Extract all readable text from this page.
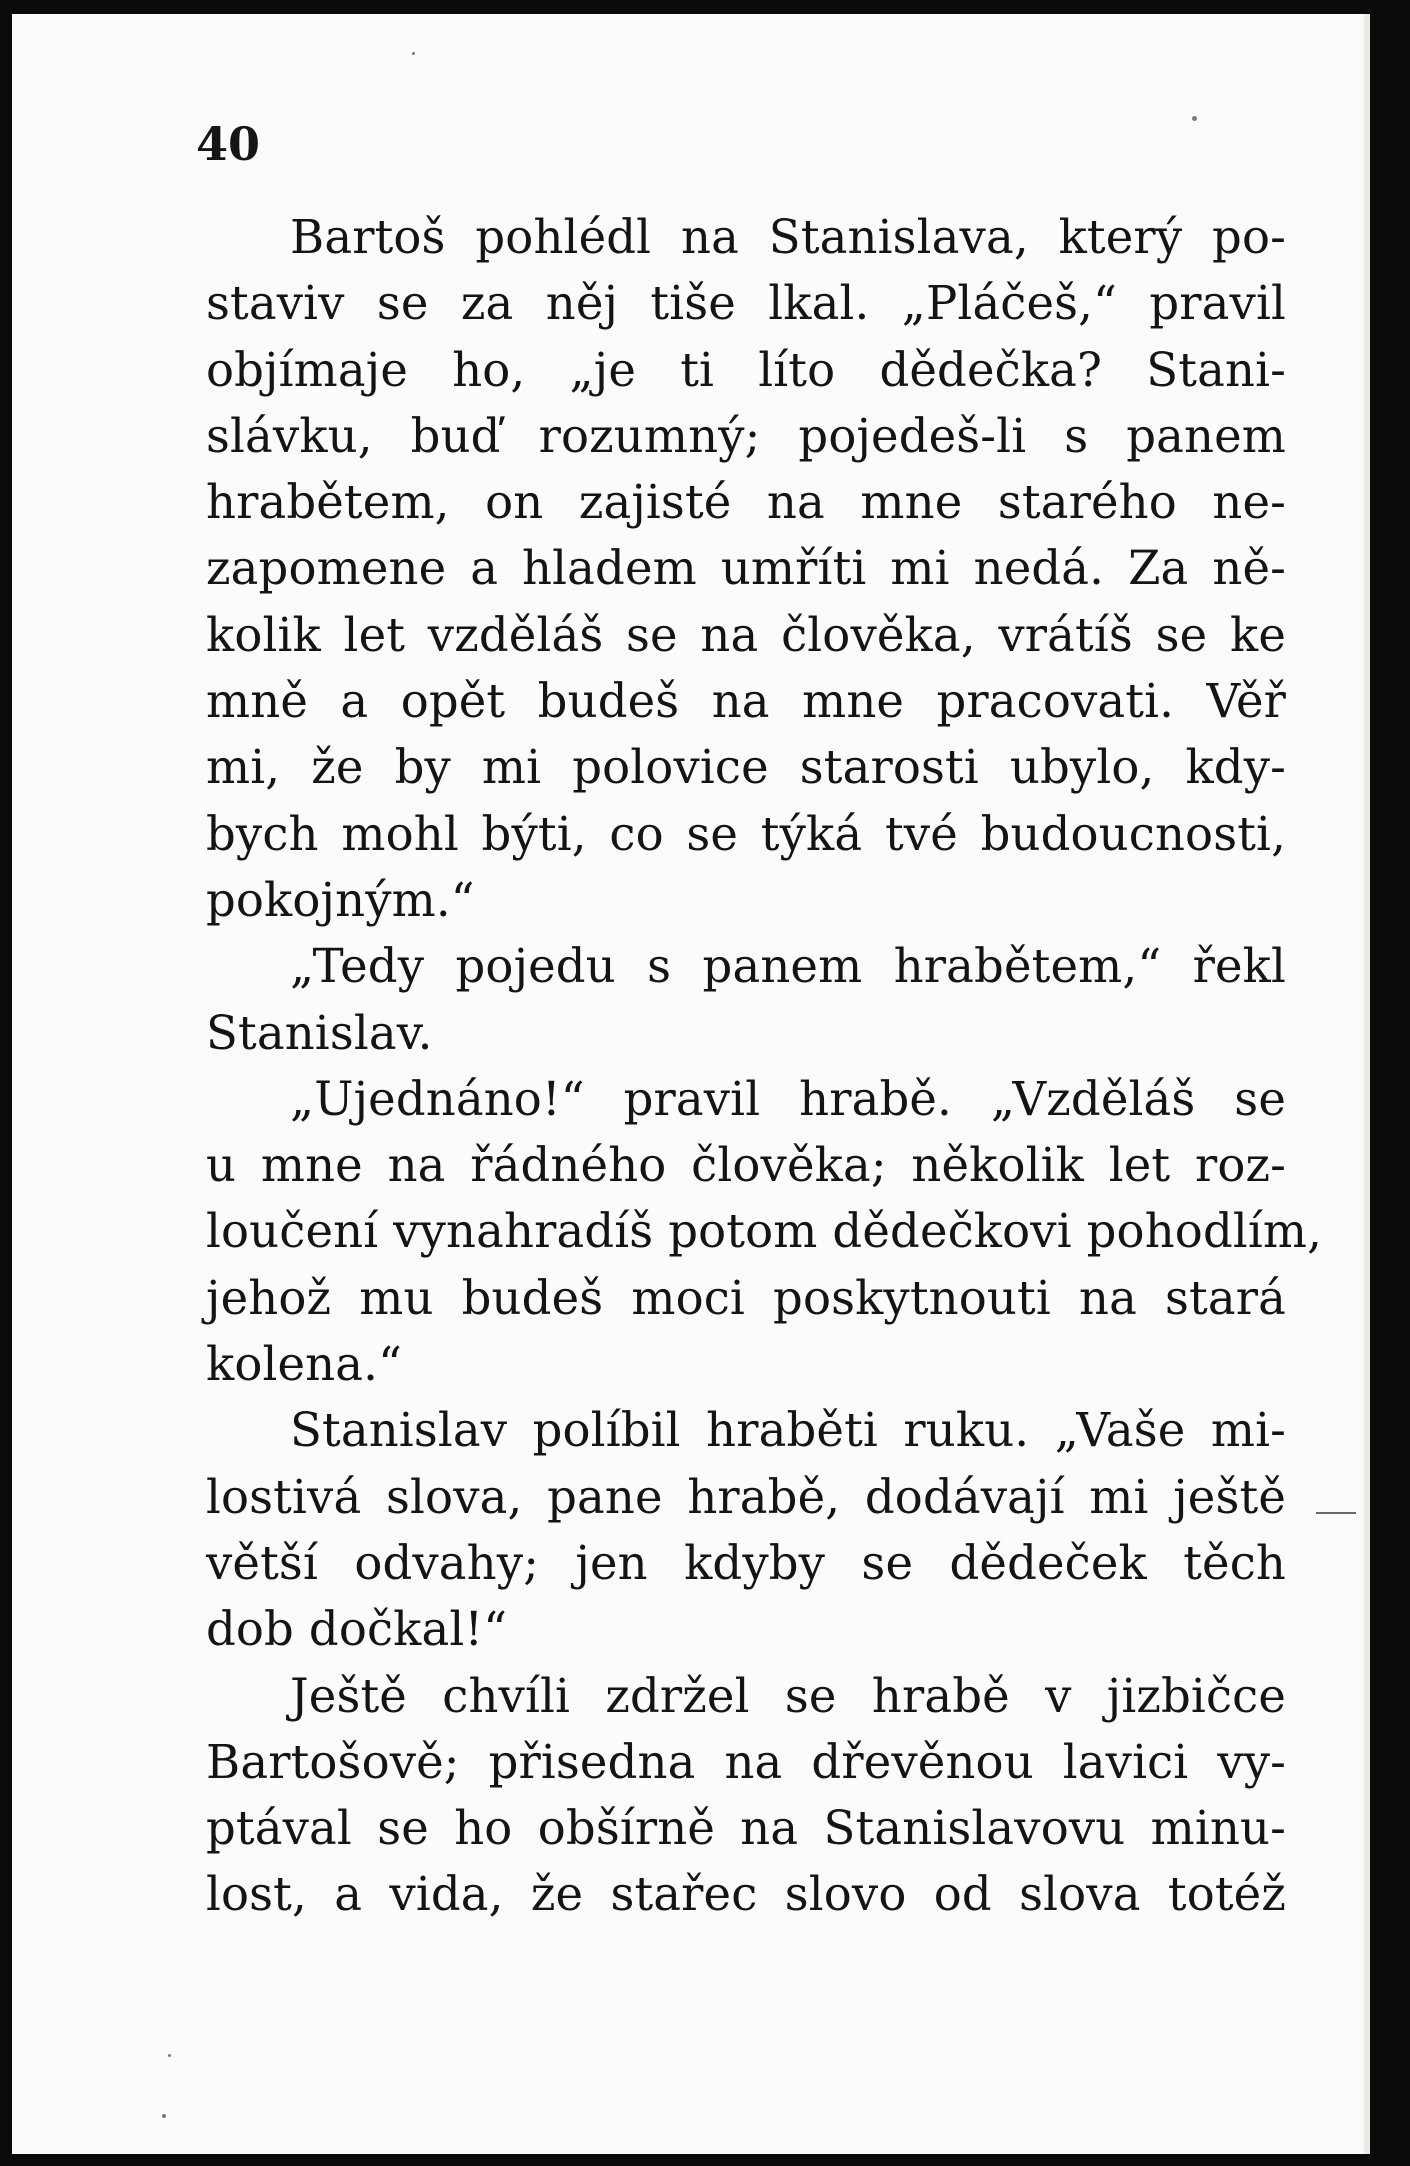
40
Bartoš pohlédl na Stanislava, který po-
staviv se za něj tiše lkal. „Pláčeš,“ pravil
objímaje ho, „je ti líto dědečka? Stani-
slávku, buď rozumný; pojedeš-li s panem
hrabětem, on zajisté na mne starého ne-
zapomene a hladem umříti mi nedá. Za ně-
kolik let vzděláš se na člověka, vrátíš se ke
mně a opět budeš na mne pracovati. Věř
mi, že by mi polovice starosti ubylo, kdy-
bych mohl býti, co se týká tvé budoucnosti,
pokojným.“
„Tedy pojedu s panem hrabětem,“ řekl
Stanislav.
„Ujednáno!“ pravil hrabě. „Vzděláš se
u mne na řádného člověka; několik let roz-
loučení vynahradíš potom dědečkovi pohodlím,
jehož mu budeš moci poskytnouti na stará
kolena.“
Stanislav políbil hraběti ruku. „Vaše mi-
lostivá slova, pane hrabě, dodávají mi ještě
větší odvahy; jen kdyby se dědeček těch
dob dočkal!“
Ještě chvíli zdržel se hrabě v jizbičce
Bartošově; přisedna na dřevěnou lavici vy-
ptával se ho obšírně na Stanislavovu minu-
lost, a vida, že stařec slovo od slova totéž
